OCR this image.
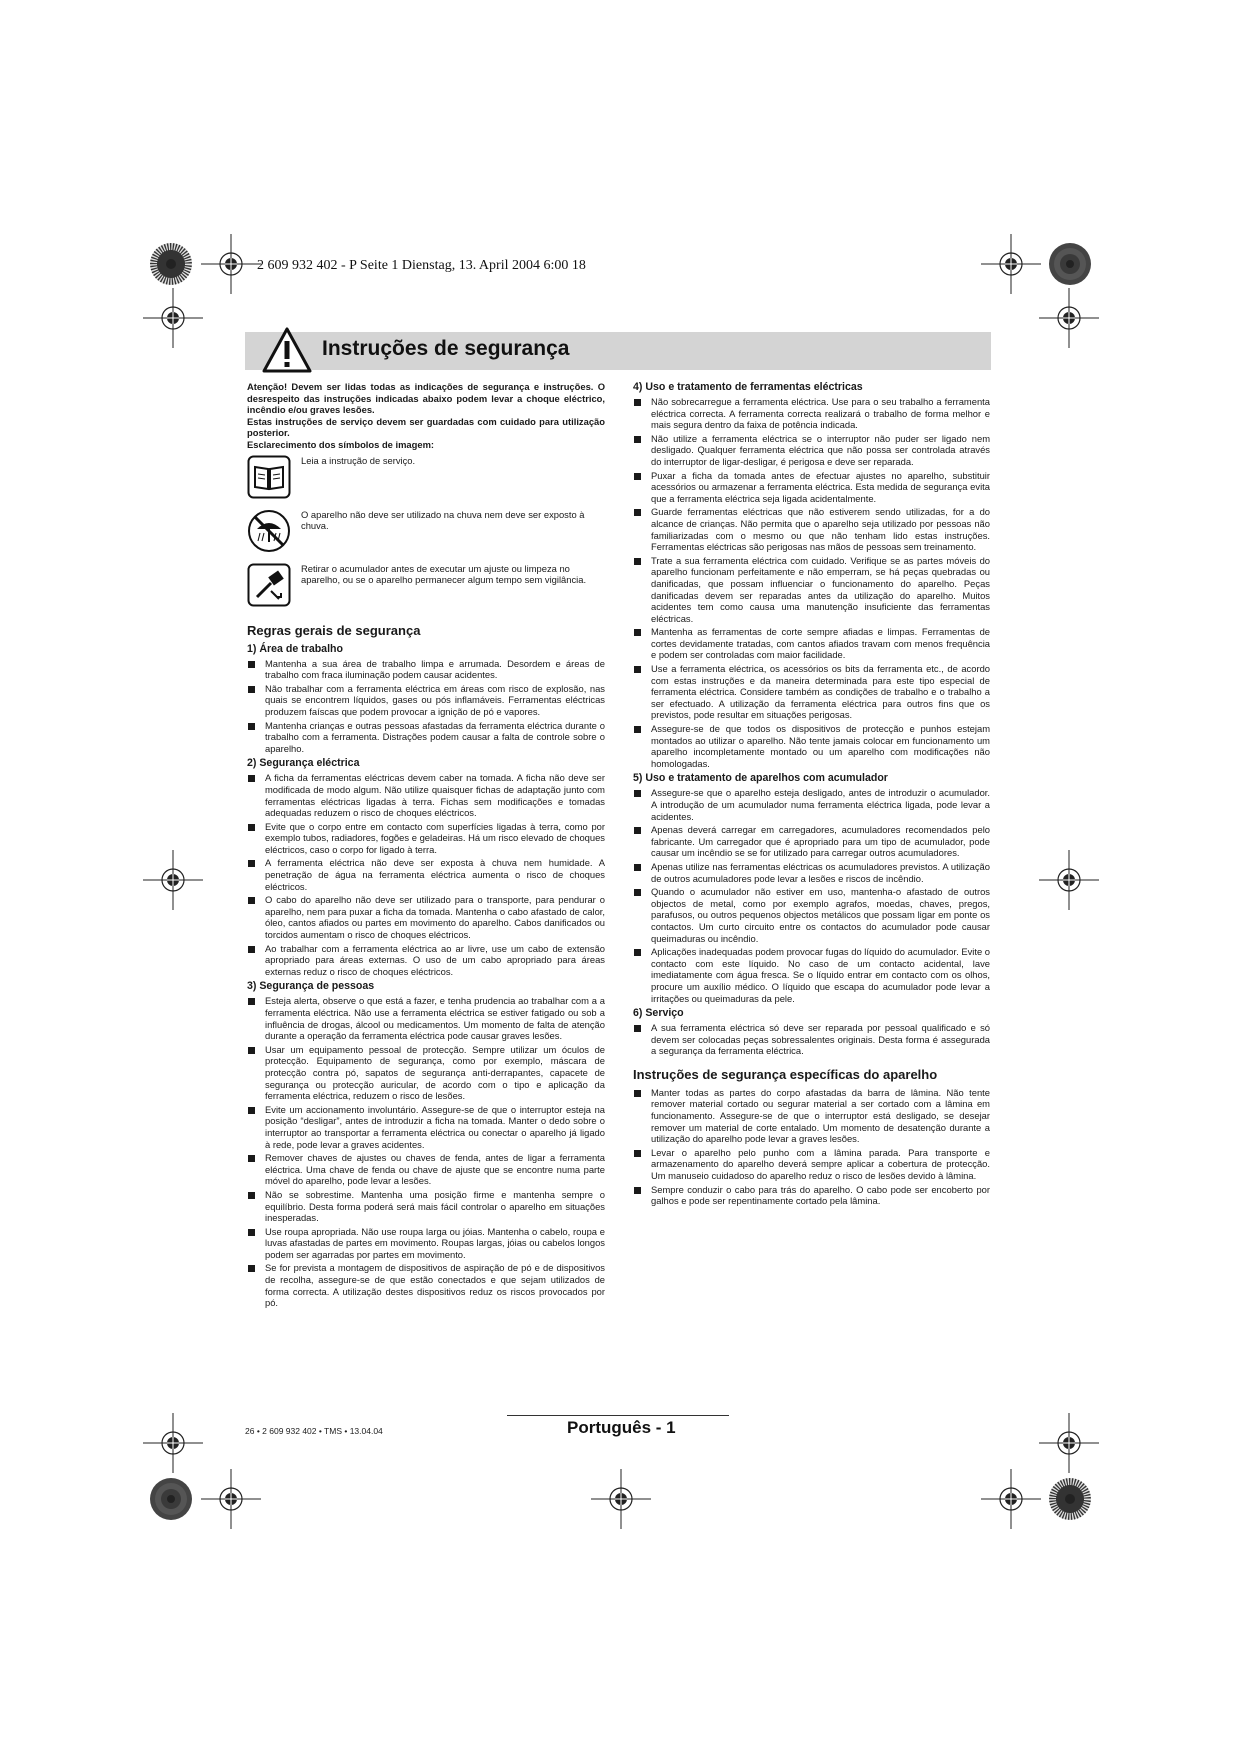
2 609 932 402 - P Seite 1 Dienstag, 13. April 2004 6:00 18
Instruções de segurança

Atenção! Devem ser lidas todas as indicações de segurança e instruções. O desrespeito das instruções indicadas abaixo podem levar a choque eléctrico, incêndio e/ou graves lesões.

Estas instruções de serviço devem ser guardadas com cuidado para utilização posterior.

Esclarecimento dos símbolos de imagem:

Leia a instrução de serviço.
O aparelho não deve ser utilizado na chuva nem deve ser exposto à chuva.
Retirar o acumulador antes de executar um ajuste ou limpeza no aparelho, ou se o aparelho permanecer algum tempo sem vigilância.
Regras gerais de segurança
1) Área de trabalho
Mantenha a sua área de trabalho limpa e arrumada. Desordem e áreas de trabalho com fraca iluminação podem causar acidentes.
Não trabalhar com a ferramenta eléctrica em áreas com risco de explosão, nas quais se encontrem líquidos, gases ou pós inflamáveis. Ferramentas eléctricas produzem faíscas que podem provocar a ignição de pó e vapores.
Mantenha crianças e outras pessoas afastadas da ferramenta eléctrica durante o trabalho com a ferramenta. Distrações podem causar a falta de controle sobre o aparelho.
2) Segurança eléctrica
A ficha da ferramentas eléctricas devem caber na tomada. A ficha não deve ser modificada de modo algum. Não utilize quaisquer fichas de adaptação junto com ferramentas eléctricas ligadas à terra. Fichas sem modificações e tomadas adequadas reduzem o risco de choques eléctricos.
Evite que o corpo entre em contacto com superfícies ligadas à terra, como por exemplo tubos, radiadores, fogões e geladeiras. Há um risco elevado de choques eléctricos, caso o corpo for ligado à terra.
A ferramenta eléctrica não deve ser exposta à chuva nem humidade. A penetração de água na ferramenta eléctrica aumenta o risco de choques eléctricos.
O cabo do aparelho não deve ser utilizado para o transporte, para pendurar o aparelho, nem para puxar a ficha da tomada. Mantenha o cabo afastado de calor, óleo, cantos afiados ou partes em movimento do aparelho. Cabos danificados ou torcidos aumentam o risco de choques eléctricos.
Ao trabalhar com a ferramenta eléctrica ao ar livre, use um cabo de extensão apropriado para áreas externas. O uso de um cabo apropriado para áreas externas reduz o risco de choques eléctricos.
3) Segurança de pessoas
Esteja alerta, observe o que está a fazer, e tenha prudencia ao trabalhar com a a ferramenta eléctrica. Não use a ferramenta eléctrica se estiver fatigado ou sob a influência de drogas, álcool ou medicamentos. Um momento de falta de atenção durante a operação da ferramenta eléctrica pode causar graves lesões.
Usar um equipamento pessoal de protecção. Sempre utilizar um óculos de protecção. Equipamento de segurança, como por exemplo, máscara de protecção contra pó, sapatos de segurança anti-derrapantes, capacete de segurança ou protecção auricular, de acordo com o tipo e aplicação da ferramenta eléctrica, reduzem o risco de lesões.
Evite um accionamento involuntário. Assegure-se de que o interruptor esteja na posição “desligar”, antes de introduzir a ficha na tomada. Manter o dedo sobre o interruptor ao transportar a ferramenta eléctrica ou conectar o aparelho já ligado à rede, pode levar a graves acidentes.
Remover chaves de ajustes ou chaves de fenda, antes de ligar a ferramenta eléctrica. Uma chave de fenda ou chave de ajuste que se encontre numa parte móvel do aparelho, pode levar a lesões.
Não se sobrestime. Mantenha uma posição firme e mantenha sempre o equilíbrio. Desta forma poderá será mais fácil controlar o aparelho em situações inesperadas.
Use roupa apropriada. Não use roupa larga ou jóias. Mantenha o cabelo, roupa e luvas afastadas de partes em movimento. Roupas largas, jóias ou cabelos longos podem ser agarradas por partes em movimento.
Se for prevista a montagem de dispositivos de aspiração de pó e de dispositivos de recolha, assegure-se de que estão conectados e que sejam utilizados de forma correcta. A utilização destes dispositivos reduz os riscos provocados por pó.
4) Uso e tratamento de ferramentas eléctricas
Não sobrecarregue a ferramenta eléctrica. Use para o seu trabalho a ferramenta eléctrica correcta. A ferramenta correcta realizará o trabalho de forma melhor e mais segura dentro da faixa de potência indicada.
Não utilize a ferramenta eléctrica se o interruptor não puder ser ligado nem desligado. Qualquer ferramenta eléctrica que não possa ser controlada através do interruptor de ligar-desligar, é perigosa e deve ser reparada.
Puxar a ficha da tomada antes de efectuar ajustes no aparelho, substituir acessórios ou armazenar a ferramenta eléctrica. Esta medida de segurança evita que a ferramenta eléctrica seja ligada acidentalmente.
Guarde ferramentas eléctricas que não estiverem sendo utilizadas, for a do alcance de crianças. Não permita que o aparelho seja utilizado por pessoas não familiarizadas com o mesmo ou que não tenham lido estas instruções. Ferramentas eléctricas são perigosas nas mãos de pessoas sem treinamento.
Trate a sua ferramenta eléctrica com cuidado. Verifique se as partes móveis do aparelho funcionam perfeitamente e não emperram, se há peças quebradas ou danificadas, que possam influenciar o funcionamento do aparelho. Peças danificadas devem ser reparadas antes da utilização do aparelho. Muitos acidentes tem como causa uma manutenção insuficiente das ferramentas eléctricas.
Mantenha as ferramentas de corte sempre afiadas e limpas. Ferramentas de cortes devidamente tratadas, com cantos afiados travam com menos frequência e podem ser controladas com maior facilidade.
Use a ferramenta eléctrica, os acessórios os bits da ferramenta etc., de acordo com estas instruções e da maneira determinada para este tipo especial de ferramenta eléctrica. Considere também as condições de trabalho e o trabalho a ser efectuado. A utilização da ferramenta eléctrica para outros fins que os previstos, pode resultar em situações perigosas.
Assegure-se de que todos os dispositivos de protecção e punhos estejam montados ao utilizar o aparelho. Não tente jamais colocar em funcionamento um aparelho incompletamente montado ou um aparelho com modificações não homologadas.
5) Uso e tratamento de aparelhos com acumulador
Assegure-se que o aparelho esteja desligado, antes de introduzir o acumulador. A introdução de um acumulador numa ferramenta eléctrica ligada, pode levar a acidentes.
Apenas deverá carregar em carregadores, acumuladores recomendados pelo fabricante. Um carregador que é apropriado para um tipo de acumulador, pode causar um incêndio se se for utilizado para carregar outros acumuladores.
Apenas utilize nas ferramentas eléctricas os acumuladores previstos. A utilização de outros acumuladores pode levar a lesões e riscos de incêndio.
Quando o acumulador não estiver em uso, mantenha-o afastado de outros objectos de metal, como por exemplo agrafos, moedas, chaves, pregos, parafusos, ou outros pequenos objectos metálicos que possam ligar em ponte os contactos. Um curto circuito entre os contactos do acumulador pode causar queimaduras ou incêndio.
Aplicações inadequadas podem provocar fugas do líquido do acumulador. Evite o contacto com este líquido. No caso de um contacto acidental, lave imediatamente com água fresca. Se o líquido entrar em contacto com os olhos, procure um auxílio médico. O líquido que escapa do acumulador pode levar a irritações ou queimaduras da pele.
6) Serviço
A sua ferramenta eléctrica só deve ser reparada por pessoal qualificado e só devem ser colocadas peças sobressalentes originais. Desta forma é assegurada a segurança da ferramenta eléctrica.
Instruções de segurança específicas do aparelho
Manter todas as partes do corpo afastadas da barra de lâmina. Não tente remover material cortado ou segurar material a ser cortado com a lâmina em funcionamento. Assegure-se de que o interruptor está desligado, se desejar remover um material de corte entalado. Um momento de desatenção durante a utilização do aparelho pode levar a graves lesões.
Levar o aparelho pelo punho com a lâmina parada. Para transporte e armazenamento do aparelho deverá sempre aplicar a cobertura de protecção. Um manuseio cuidadoso do aparelho reduz o risco de lesões devido à lâmina.
Sempre conduzir o cabo para trás do aparelho. O cabo pode ser encoberto por galhos e pode ser repentinamente cortado pela lâmina.
26 • 2 609 932 402 • TMS • 13.04.04	Português - 1
